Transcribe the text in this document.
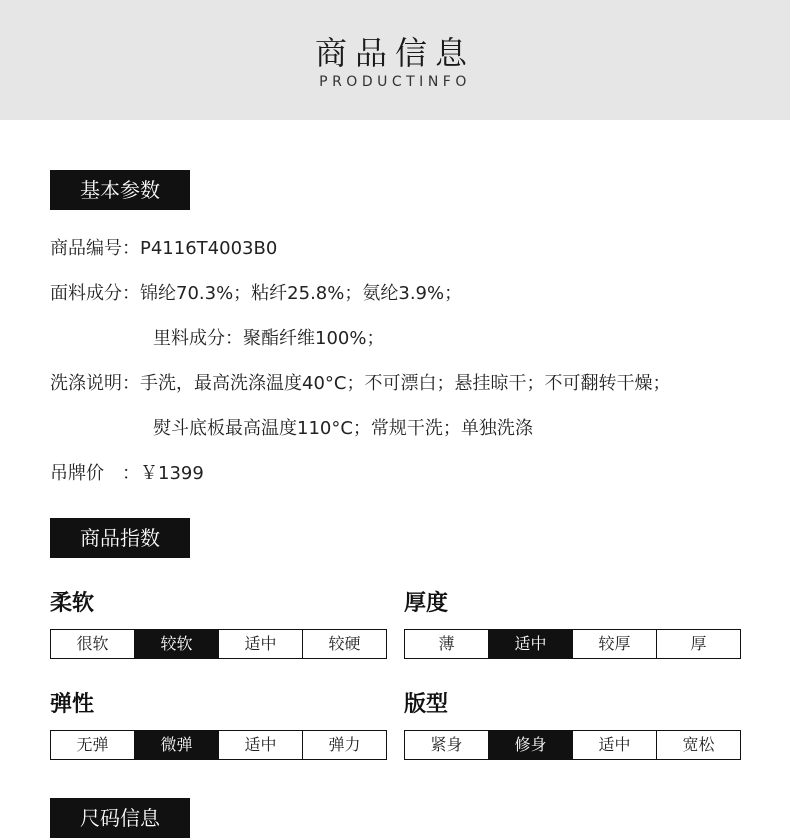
商品信息
PRODUCTINFO
基本参数
商品编号：P4116T4003B0
面料成分：锦纶70.3%；粘纤25.8%；氨纶3.9%；
里料成分：聚酯纤维100%；
洗涤说明：手洗，最高洗涤温度40°C；不可漂白；悬挂晾干；不可翻转干燥；
熨斗底板最高温度110°C；常规干洗；单独洗涤
吊牌价　：￥1399
商品指数
柔软
很软	较软	适中	较硬
厚度
薄	适中	较厚	厚
弹性
无弹	微弹	适中	弹力
版型
紧身	修身	适中	宽松
尺码信息
